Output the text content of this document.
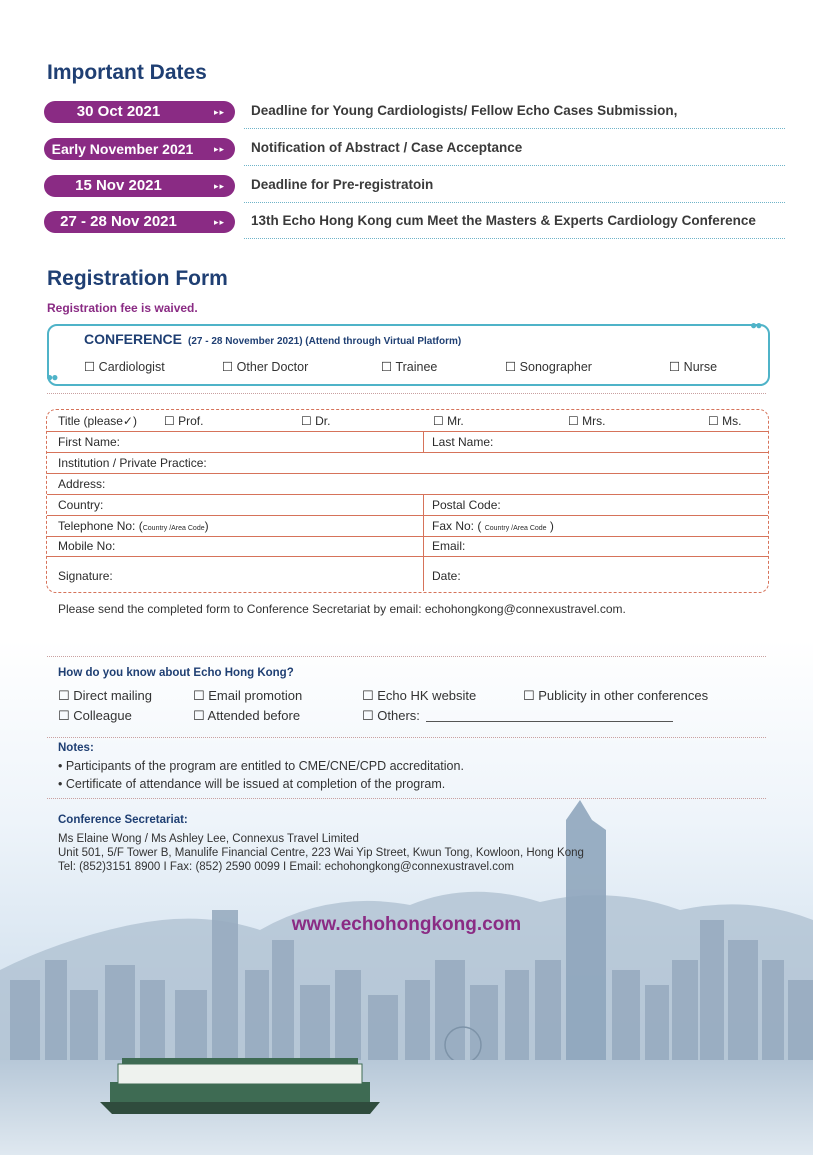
Important Dates
30 Oct 2021	▸▸ Deadline for Young Cardiologists/ Fellow Echo Cases Submission,
Early November 2021	▸▸ Notification of Abstract / Case Acceptance
15 Nov 2021	▸▸ Deadline for Pre-registratoin
27 - 28 Nov 2021	▸▸ 13th Echo Hong Kong cum Meet the Masters & Experts Cardiology Conference
Registration Form
Registration fee is waived.
CONFERENCE (27 - 28 November 2021) (Attend through Virtual Platform)
☐ Cardiologist	☐ Other Doctor	☐ Trainee	☐ Sonographer	☐ Nurse
●●
●●
Title (please✓) ☐ Prof.	☐ Dr.	☐ Mr.	☐ Mrs.	☐ Ms.
First Name:	Last Name:
Institution / Private Practice:
Address:
Country:	Postal Code:
Telephone No: (Country /Area Code)	Fax No: ( Country /Area Code )
Mobile No:	Email:
Signature:	Date:
Please send the completed form to Conference Secretariat by email: echohongkong@connexustravel.com.
How do you know about Echo Hong Kong?
☐ Direct mailing	☐ Email promotion	☐ Echo HK website	☐ Publicity in other conferences
☐ Colleague	☐ Attended before	☐ Others:
Notes:
• Participants of the program are entitled to CME/CNE/CPD accreditation.
• Certificate of attendance will be issued at completion of the program.
Conference Secretariat:
Ms Elaine Wong / Ms Ashley Lee, Connexus Travel Limited
Unit 501, 5/F Tower B, Manulife Financial Centre, 223 Wai Yip Street, Kwun Tong, Kowloon, Hong Kong
Tel: (852)3151 8900 I Fax: (852) 2590 0099 I Email: echohongkong@connexustravel.com
www.echohongkong.com
